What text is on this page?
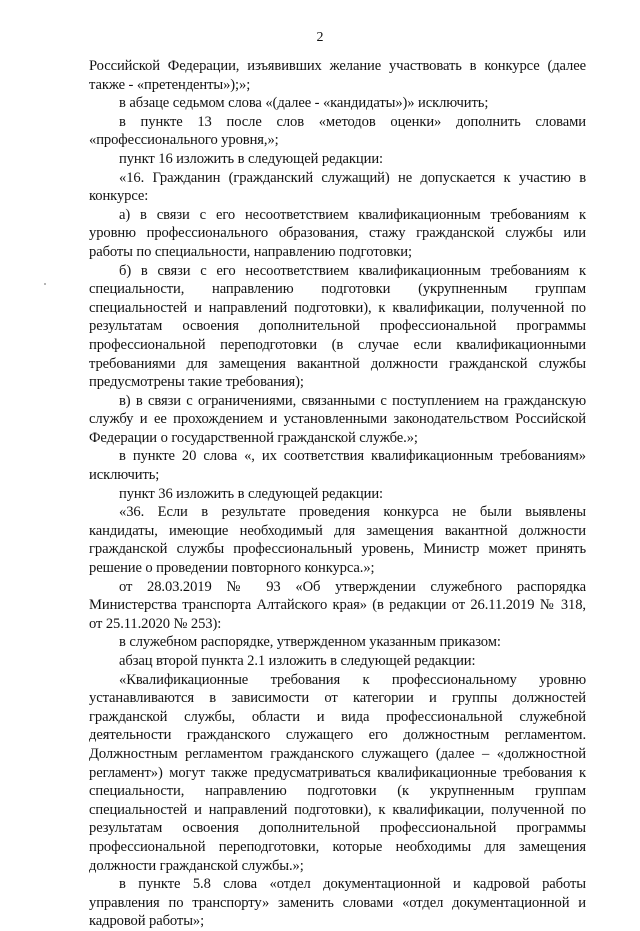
2
Российской Федерации, изъявивших желание участвовать в конкурсе (далее
также - «претенденты»);»;
в абзаце седьмом слова «(далее - «кандидаты»)» исключить;
в пункте 13 после слов «методов оценки» дополнить словами
«профессионального уровня,»;
пункт 16 изложить в следующей редакции:
«16. Гражданин (гражданский служащий) не допускается к участию в
конкурсе:
а) в связи с его несоответствием квалификационным требованиям к
уровню профессионального образования, стажу гражданской службы или
работы по специальности, направлению подготовки;
б) в связи с его несоответствием квалификационным требованиям к
специальности, направлению подготовки (укрупненным группам
специальностей и направлений подготовки), к квалификации, полученной по
результатам освоения дополнительной профессиональной программы
профессиональной переподготовки (в случае если квалификационными
требованиями для замещения вакантной должности гражданской службы
предусмотрены такие требования);
в) в связи с ограничениями, связанными с поступлением на гражданскую
службу и ее прохождением и установленными законодательством Российской
Федерации о государственной гражданской службе.»;
в пункте 20 слова «, их соответствия квалификационным требованиям»
исключить;
пункт 36 изложить в следующей редакции:
«36. Если в результате проведения конкурса не были выявлены
кандидаты, имеющие необходимый для замещения вакантной должности
гражданской службы профессиональный уровень, Министр может принять
решение о проведении повторного конкурса.»;
от 28.03.2019 № 93 «Об утверждении служебного распорядка
Министерства транспорта Алтайского края» (в редакции от 26.11.2019 № 318,
от 25.11.2020 № 253):
в служебном распорядке, утвержденном указанным приказом:
абзац второй пункта 2.1 изложить в следующей редакции:
«Квалификационные требования к профессиональному уровню
устанавливаются в зависимости от категории и группы должностей
гражданской службы, области и вида профессиональной служебной
деятельности гражданского служащего его должностным регламентом.
Должностным регламентом гражданского служащего (далее – «должностной
регламент») могут также предусматриваться квалификационные требования к
специальности, направлению подготовки (к укрупненным группам
специальностей и направлений подготовки), к квалификации, полученной по
результатам освоения дополнительной профессиональной программы
профессиональной переподготовки, которые необходимы для замещения
должности гражданской службы.»;
в пункте 5.8 слова «отдел документационной и кадровой работы
управления по транспорту» заменить словами «отдел документационной и
кадровой работы»;
